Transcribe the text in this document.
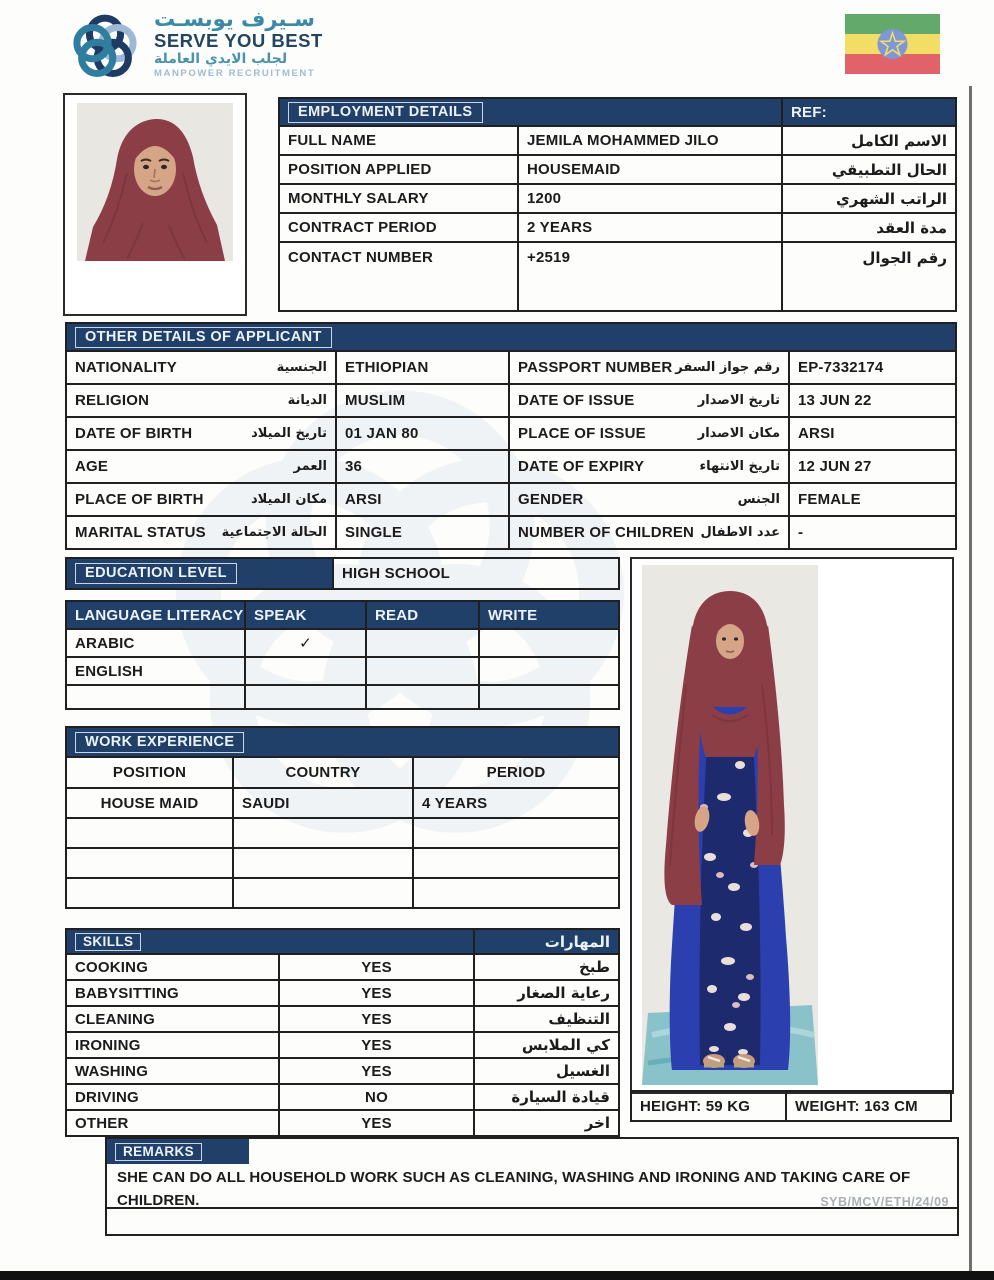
سـيرف يوبسـت
SERVE YOU BEST
لجلب الايدي العاملة
MANPOWER RECRUITMENT
EMPLOYMENT DETAILS		REF:
FULL NAME	JEMILA MOHAMMED JILO	الاسم الكامل
POSITION APPLIED	HOUSEMAID	الحال التطبيقي
MONTHLY SALARY	1200	الراتب الشهري
CONTRACT PERIOD	2 YEARS	مدة العقد
CONTACT NUMBER	+2519	رقم الجوال
OTHER DETAILS OF APPLICANT			

NATIONALITY الجنسية	ETHIOPIAN	PASSPORT NUMBER رقم جواز السفر	EP-7332174

RELIGION الديانة	MUSLIM	DATE OF ISSUE تاريخ الاصدار	13 JUN 22

DATE OF BIRTH تاريخ الميلاد	01 JAN 80	PLACE OF ISSUE مكان الاصدار	ARSI

AGE العمر	36	DATE OF EXPIRY تاريخ الانتهاء	12 JUN 27

PLACE OF BIRTH مكان الميلاد	ARSI	GENDER الجنس	FEMALE

MARITAL STATUS الحالة الاجتماعية	SINGLE	NUMBER OF CHILDREN عدد الاطفال	-
EDUCATION LEVEL	HIGH SCHOOL
LANGUAGE LITERACY	SPEAK	READ	WRITE
ARABIC	✓		
ENGLISH			

WORK EXPERIENCE		
POSITION	COUNTRY	PERIOD
HOUSE MAID	SAUDI	4 YEARS

SKILLS		المهارات
COOKING	YES	طبخ
BABYSITTING	YES	رعاية الصغار
CLEANING	YES	التنظيف
IRONING	YES	كي الملابس
WASHING	YES	الغسيل
DRIVING	NO	قيادة السيارة
OTHER	YES	اخر
HEIGHT: 59 KG	WEIGHT: 163 CM
REMARKS
SHE CAN DO ALL HOUSEHOLD WORK SUCH AS CLEANING, WASHING AND IRONING AND TAKING CARE OF CHILDREN.	SYB/MCV/ETH/24/09
